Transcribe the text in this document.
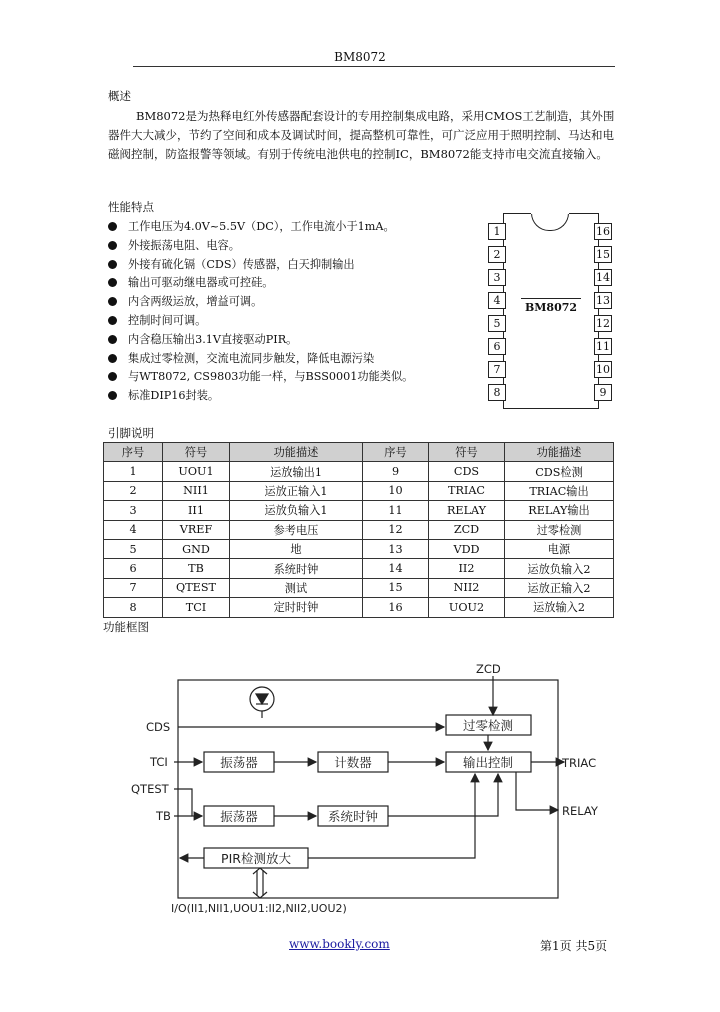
BM8072
概述
BM8072是为热释电红外传感器配套设计的专用控制集成电路，采用CMOS工艺制造，其外围器件大大减少，节约了空间和成本及调试时间，提高整机可靠性，可广泛应用于照明控制、马达和电磁阀控制，防盗报警等领域。有别于传统电池供电的控制IC，BM8072能支持市电交流直接输入。
性能特点
工作电压为4.0V~5.5V（DC），工作电流小于1mA。
外接振荡电阻、电容。
外接有硫化镉（CDS）传感器，白天抑制输出
输出可驱动继电器或可控硅。
内含两级运放，增益可调。
控制时间可调。
内含稳压输出3.1V直接驱动PIR。
集成过零检测，交流电流同步触发，降低电源污染
与WT8072, CS9803功能一样，与BSS0001功能类似。
标准DIP16封装。
BM8072
1
2
3
4
5
6
7
8
16
15
14
13
12
11
10
9
引脚说明
序号	符号	功能描述	序号	符号	功能描述
1	UOU1	运放输出1	9	CDS	CDS检测
2	NII1	运放正输入1	10	TRIAC	TRIAC输出
3	II1	运放负输入1	11	RELAY	RELAY输出
4	VREF	参考电压	12	ZCD	过零检测
5	GND	地	13	VDD	电源
6	TB	系统时钟	14	II2	运放负输入2
7	QTEST	测试	15	NII2	运放正输入2
8	TCI	定时时钟	16	UOU2	运放输入2
功能框图
CDS
TCI
QTEST
TB
ZCD
TRIAC
RELAY
过零检测
振荡器	计数器	输出控制
振荡器	系统时钟
PIR检测放大
I/O(II1,NII1,UOU1:II2,NII2,UOU2)
www.bookly.com	第1页 共5页
